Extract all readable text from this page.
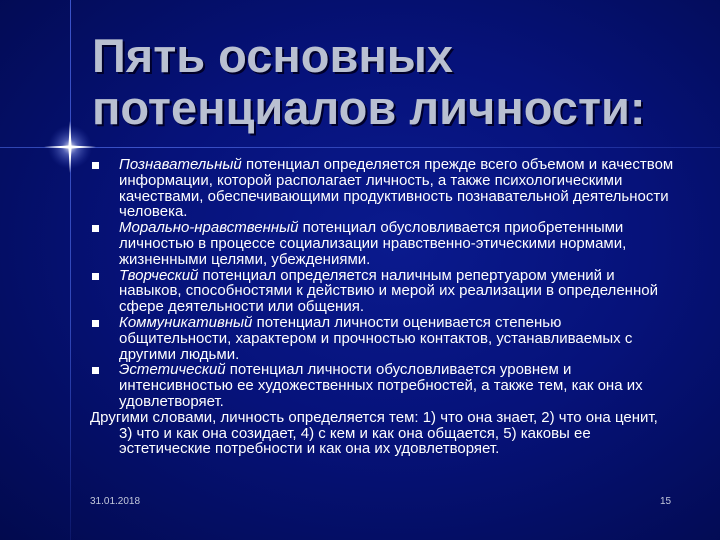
Пять основных
потенциалов личности:
Познавательный потенциал определяется прежде всего объемом и качеством информации, которой располагает личность, а также психологическими качествами, обеспечивающими продуктивность познавательной деятельности человека.
Морально-нравственный потенциал обусловливается приобретенными личностью в процессе социализации нравственно-этическими нормами, жизненными целями, убеждениями.
Творческий потенциал определяется наличным репертуаром умений и навыков, способностями к действию и мерой их реализации в определенной сфере деятельности или общения.
Коммуникативный потенциал личности оценивается степенью общительности, характером и прочностью контактов, устанавливаемых с другими людьми.
Эстетический потенциал личности обусловливается уровнем и интенсивностью ее художественных потребностей, а также тем, как она их удовлетворяет.
Другими словами, личность определяется тем: 1) что она знает, 2) что она ценит, 3) что и как она созидает, 4) с кем и как она общается, 5) каковы ее эстетические потребности и как она их удовлетворяет.
31.01.2018	15
